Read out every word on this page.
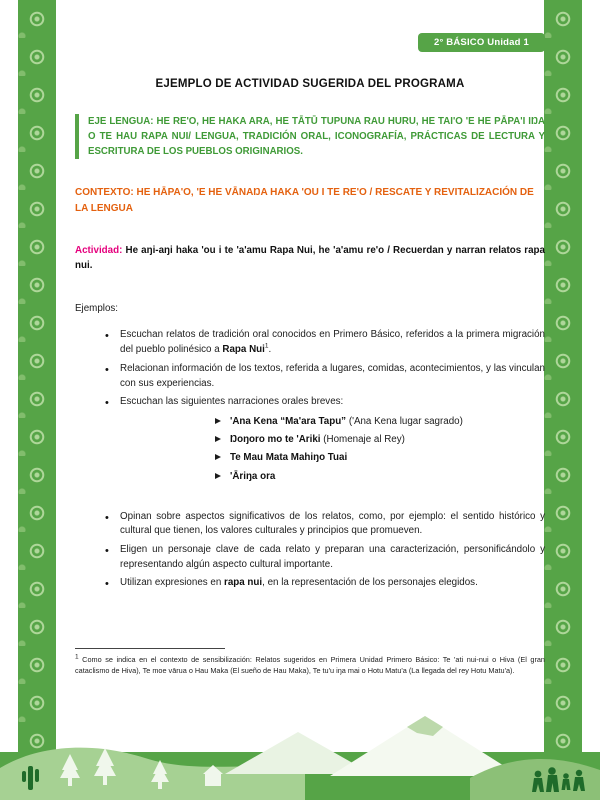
2° BÁSICO Unidad 1
EJEMPLO DE ACTIVIDAD SUGERIDA DEL PROGRAMA

EJE LENGUA: HE RE'O, HE HAKA ARA, HE TĀTŪ TUPUNA RAU HURU, HE TAI'O 'E HE PĀPA'I IŊA O TE HAU RAPA NUI/ LENGUA, TRADICIÓN ORAL, ICONOGRAFÍA, PRÁCTICAS DE LECTURA Y ESCRITURA DE LOS PUEBLOS ORIGINARIOS.

CONTEXTO: HE HĀPA'O, 'E HE VĀNAŊA HAKA 'OU I TE RE'O / RESCATE Y REVITALIZACIÓN DE LA LENGUA

Actividad: He aŋi-aŋi haka 'ou i te 'a'amu Rapa Nui, he 'a'amu re'o / Recuerdan y narran relatos rapa nui.

Ejemplos:

• Escuchan relatos de tradición oral conocidos en Primero Básico, referidos a la primera migración del pueblo polinésico a Rapa Nui$^1$.
• Relacionan información de los textos, referida a lugares, comidas, acontecimientos, y las vinculan con sus experiencias.
• Escuchan las siguientes narraciones orales breves:
'Ana Kena “Ma'ara Tapu” ('Ana Kena lugar sagrado)
Ŋoŋoro mo te 'Ariki (Homenaje al Rey)
Te Mau Mata Mahiŋo Tuai
'Āriŋa ora
• Opinan sobre aspectos significativos de los relatos, como, por ejemplo: el sentido histórico y cultural que tienen, los valores culturales y principios que promueven.
• Eligen un personaje clave de cada relato y preparan una caracterización, personificándolo y representando algún aspecto cultural importante.
• Utilizan expresiones en rapa nui, en la representación de los personajes elegidos.

$^1$ Como se indica en el contexto de sensibilización: Relatos sugeridos en Primera Unidad Primero Básico: Te 'ati nui-nui o Hiva (El gran cataclismo de Hiva), Te moe vārua o Hau Maka (El sueño de Hau Maka), Te tu'u iŋa mai o Hotu Matu'a (La llegada del rey Hotu Matu'a).
